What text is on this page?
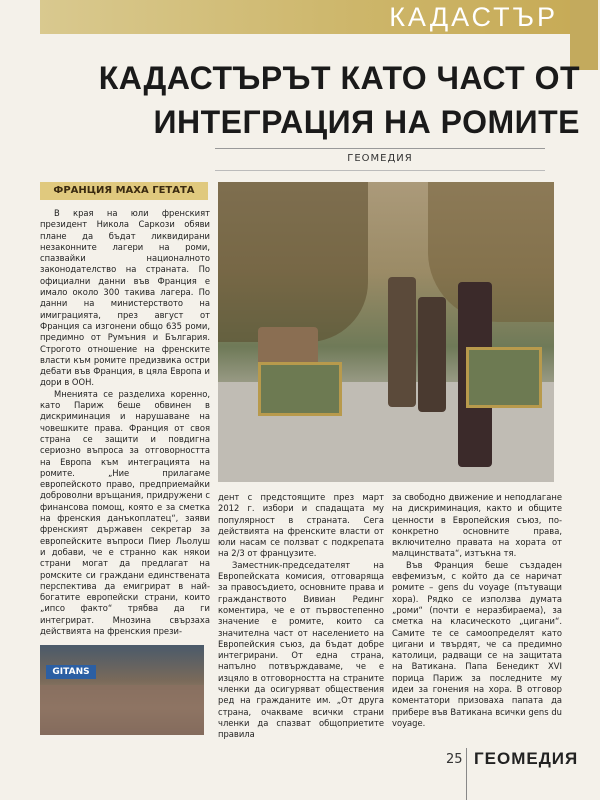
КАДАСТЪР
КАДАСТЪРЪТ КАТО ЧАСТ ОТ
ИНТЕГРАЦИЯ НА РОМИТЕ
ГЕОМЕДИЯ
ФРАНЦИЯ МАХА ГЕТАТА

В края на юли френският президент Никола Саркози обяви плане да бъдат ликвидирани незаконните лагери на роми, спазвайки националното законодателство на страната. По официални данни във Франция е имало около 300 такива лагера. По данни на министерството на имиграцията, през август от Франция са изгонени общо 635 роми, предимно от Румъния и България. Строгото отношение на френските власти към ромите предизвика остри дебати във Франция, в цяла Европа и дори в ООН.

Мненията се разделиха коренно, като Париж беше обвинен в дискриминация и нарушаване на човешките права. Франция от своя страна се защити и повдигна сериозно въпроса за отговорността на Европа към интеграцията на ромите. „Ние прилагаме европейското право, предприемайки доброволни връщания, придружени с финансова помощ, която е за сметка на френския данъкоплатец“, заяви френският държавен секретар за европейските въпроси Пиер Льолуш и добави, че е странно как някои страни могат да предлагат на ромските си граждани единствената перспектива да емигрират в най-богатите европейски страни, които „ипсо факто“ трябва да ги интегрират. Мнозина свързаха действията на френския прези-

дент с предстоящите през март 2012 г. избори и спадащата му популярност в страната. Сега действията на френските власти от юли насам се ползват с подкрепата на 2/3 от французите.

Заместник-председателят на Европейската комисия, отговаряща за правосъдието, основните права и гражданството Вивиан Рединг коментира, че е от първостепенно значение е ромите, които са значителна част от населението на Европейския съюз, да бъдат добре интегрирани. От една страна, напълно потвърждаваме, че е изцяло в отговорността на страните членки да осигуряват обществения ред на гражданите им. „От друга страна, очакваме всички страни членки да спазват общоприетите правила

за свободно движение и неподлагане на дискриминация, както и общите ценности в Европейския съюз, по-конкретно основните права, включително правата на хората от малцинствата“, изтъкна тя.

Във Франция беше създаден евфемизъм, с който да се наричат ромите – gens du voyage (пътуващи хора). Рядко се използва думата „роми“ (почти е неразбираема), за сметка на класическото „цигани“. Самите те се самоопределят като цигани и твърдят, че са предимно католици, радващи се на защитата на Ватикана. Папа Бенедикт XVI порица Париж за последните му идеи за гонения на хора. В отговор коментатори призоваха папата да прибере във Ватикана всички gens du voyage.

GITANS
25 ГЕОМЕДИЯ
